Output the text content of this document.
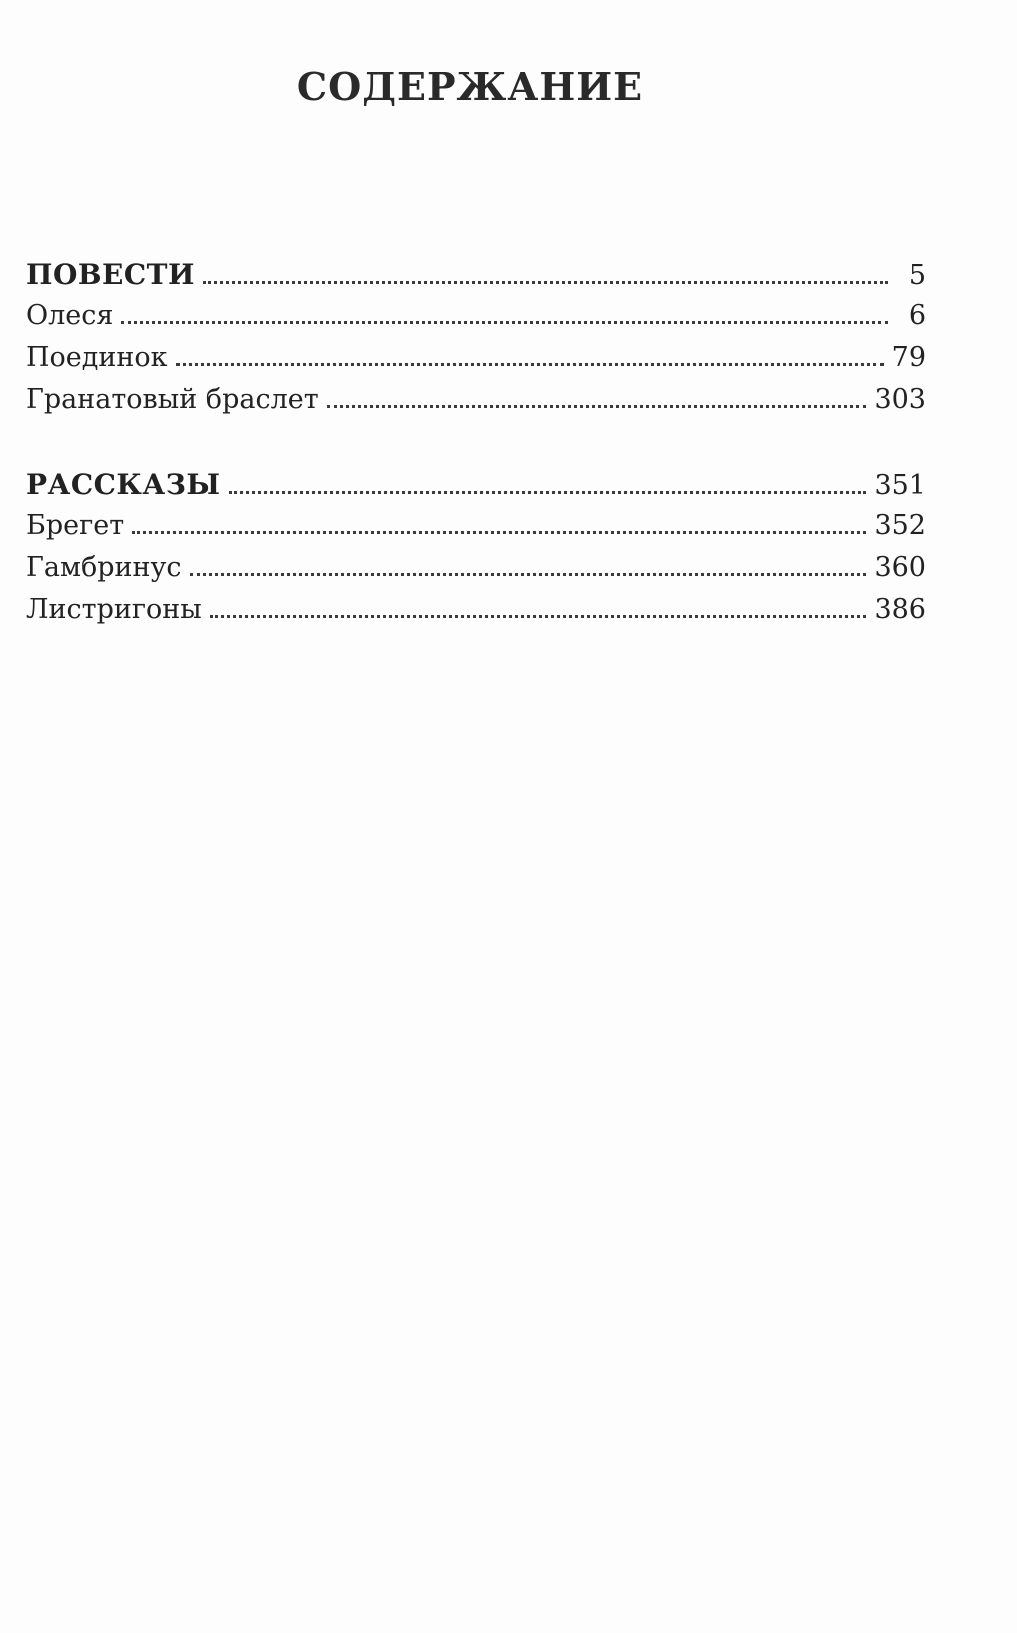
СОДЕРЖАНИЕ
ПОВЕСТИ	5
Олеся	6
Поединок	79
Гранатовый браслет	303
РАССКАЗЫ	351
Брегет	352
Гамбринус	360
Листригоны	386
